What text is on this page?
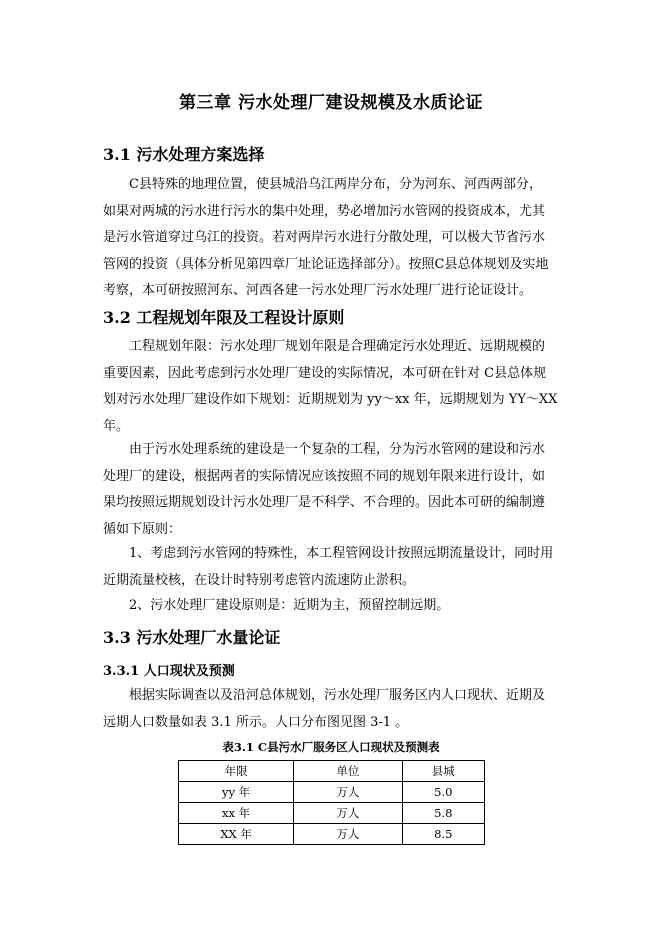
第三章 污水处理厂建设规模及水质论证
3.1 污水处理方案选择
C县特殊的地理位置，使县城沿乌江两岸分布，分为河东、河西两部分，
如果对两城的污水进行污水的集中处理，势必增加污水管网的投资成本，尤其
是污水管道穿过乌江的投资。若对两岸污水进行分散处理，可以极大节省污水
管网的投资（具体分析见第四章厂址论证选择部分）。按照C县总体规划及实地
考察，本可研按照河东、河西各建一污水处理厂污水处理厂进行论证设计。
3.2 工程规划年限及工程设计原则
工程规划年限：污水处理厂规划年限是合理确定污水处理近、远期规模的
重要因素，因此考虑到污水处理厂建设的实际情况，本可研在针对 C县总体规
划对污水处理厂建设作如下规划：近期规划为 yy～xx 年，远期规划为 YY～XX
年。
由于污水处理系统的建设是一个复杂的工程，分为污水管网的建设和污水
处理厂的建设，根据两者的实际情况应该按照不同的规划年限来进行设计，如
果均按照远期规划设计污水处理厂是不科学、不合理的。因此本可研的编制遵
循如下原则：
1、考虑到污水管网的特殊性，本工程管网设计按照远期流量设计，同时用
近期流量校核，在设计时特别考虑管内流速防止淤积。
2、污水处理厂建设原则是：近期为主，预留控制远期。
3.3 污水处理厂水量论证
3.3.1 人口现状及预测
根据实际调查以及沿河总体规划，污水处理厂服务区内人口现状、近期及
远期人口数量如表 3.1 所示。人口分布图见图 3-1 。
表3.1 C县污水厂服务区人口现状及预测表
年限	单位	县城
yy 年	万人	5.0
xx 年	万人	5.8
XX 年	万人	8.5
